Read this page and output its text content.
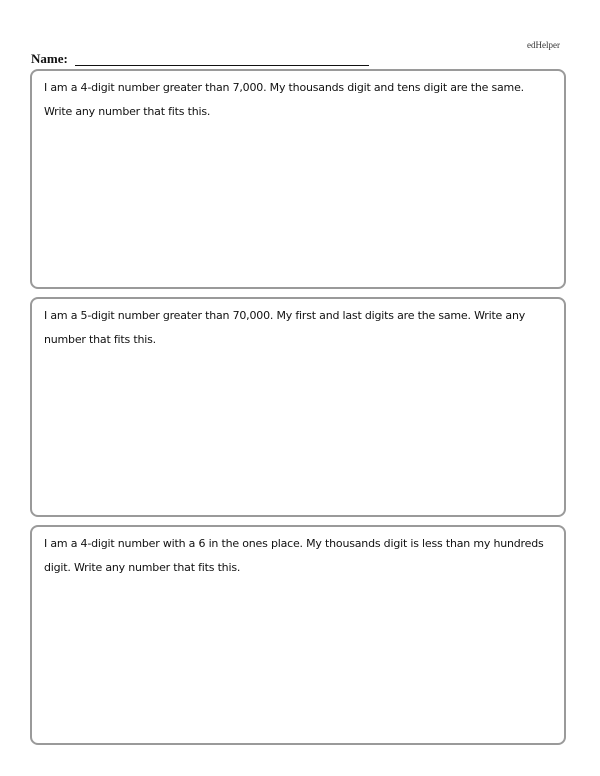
edHelper
Name:

I am a 4-digit number greater than 7,000. My thousands digit and tens digit are the same. Write any number that fits this.

I am a 5-digit number greater than 70,000. My first and last digits are the same. Write any number that fits this.

I am a 4-digit number with a 6 in the ones place. My thousands digit is less than my hundreds digit. Write any number that fits this.
